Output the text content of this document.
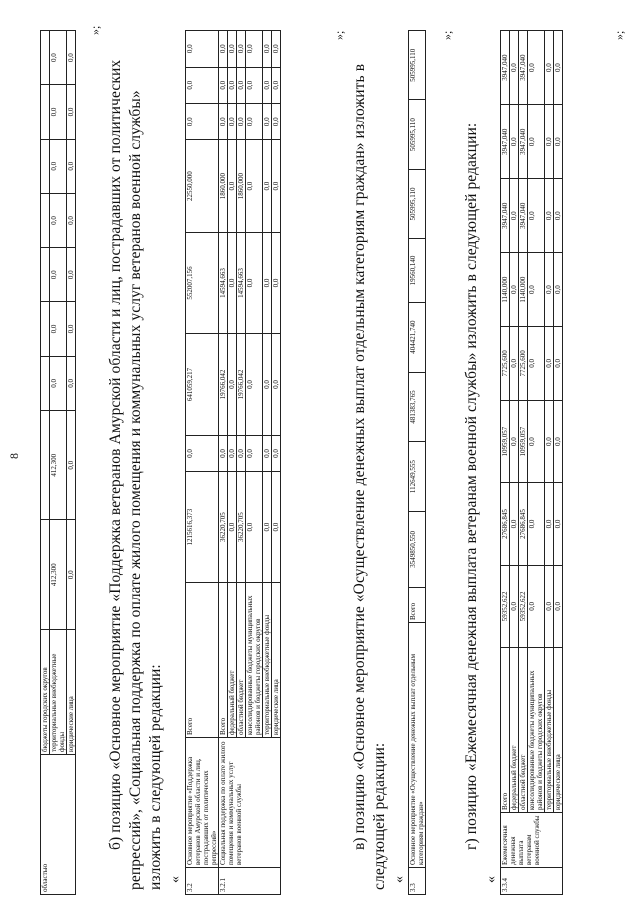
8
областью	бюджеты городских округов									
	территориальные внебюджетные фонды	412,300	412,300	0,0	0,0	0,0	0,0	0,0	0,0	0,0
	юридические лица	0,0	0,0	0,0	0,0	0,0	0,0	0,0	0,0	0,0
»;
б) позицию «Основное мероприятие «Поддержка ветеранов Амурской области и лиц, пострадавших от политических репрессий», «Социальная поддержка по оплате жилого помещения и коммунальных услуг ветеранов военной службы» изложить в следующей редакции: «
3.2	Основное мероприятие «Поддержка ветеранов Амурской области и лиц, пострадавших от политических репрессий»	Всего	1215616,373	0,0	641059,217	552007,156	22550,000	0,0	0,0	0,0
3.2.1	Социальная поддержка по оплате жилого помещения и коммунальных услуг ветеранов военной службы	Всего	36220,705	0,0	19766,042	14594,663	1860,000	0,0	0,0	0,0
		федеральный бюджет	0,0	0,0	0,0	0,0	0,0	0,0	0,0	0,0
		областной бюджет	36220,705	0,0	19766,042	14594,663	1860,000	0,0	0,0	0,0
		консолидированные бюджеты муниципальных районов и бюджеты городских округов	0,0	0,0	0,0	0,0	0,0	0,0	0,0	0,0
		территориальные внебюджетные фонды	0,0	0,0	0,0	0,0	0,0	0,0	0,0	0,0
		юридические лица	0,0	0,0	0,0	0,0	0,0	0,0	0,0	0,0
»;
в) позицию «Основное мероприятие «Осуществление денежных выплат отдельным категориям граждан» изложить в следующей редакции: «
3.3	Основное мероприятие «Осуществление денежных выплат отдельным категориям граждан»	Всего	3549850,550	112649,555	481383,765	404421,740	19560,140	505995,110	505995,110	505995,110
»;
г) позицию «Ежемесячная денежная выплата ветеранам военной службы» изложить в следующей редакции:
« 3.3.4	Ежемесячная денежная выплата ветеранам военной службы	Всего	59352,622	27686,845	10959,057	7725,600	1140,000	3947,040	3947,040	3947,040
		федеральный бюджет	0,0	0,0	0,0	0,0	0,0	0,0	0,0	0,0
		областной бюджет	59352,622	27686,845	10959,057	7725,600	1140,000	3947,040	3947,040	3947,040
		консолидированные бюджеты муниципальных районов и бюджеты городских округов	0,0	0,0	0,0	0,0	0,0	0,0	0,0	0,0
		территориальные внебюджетные фонды	0,0	0,0	0,0	0,0	0,0	0,0	0,0	0,0
		юридические лица	0,0	0,0	0,0	0,0	0,0	0,0	0,0	0,0
»;
